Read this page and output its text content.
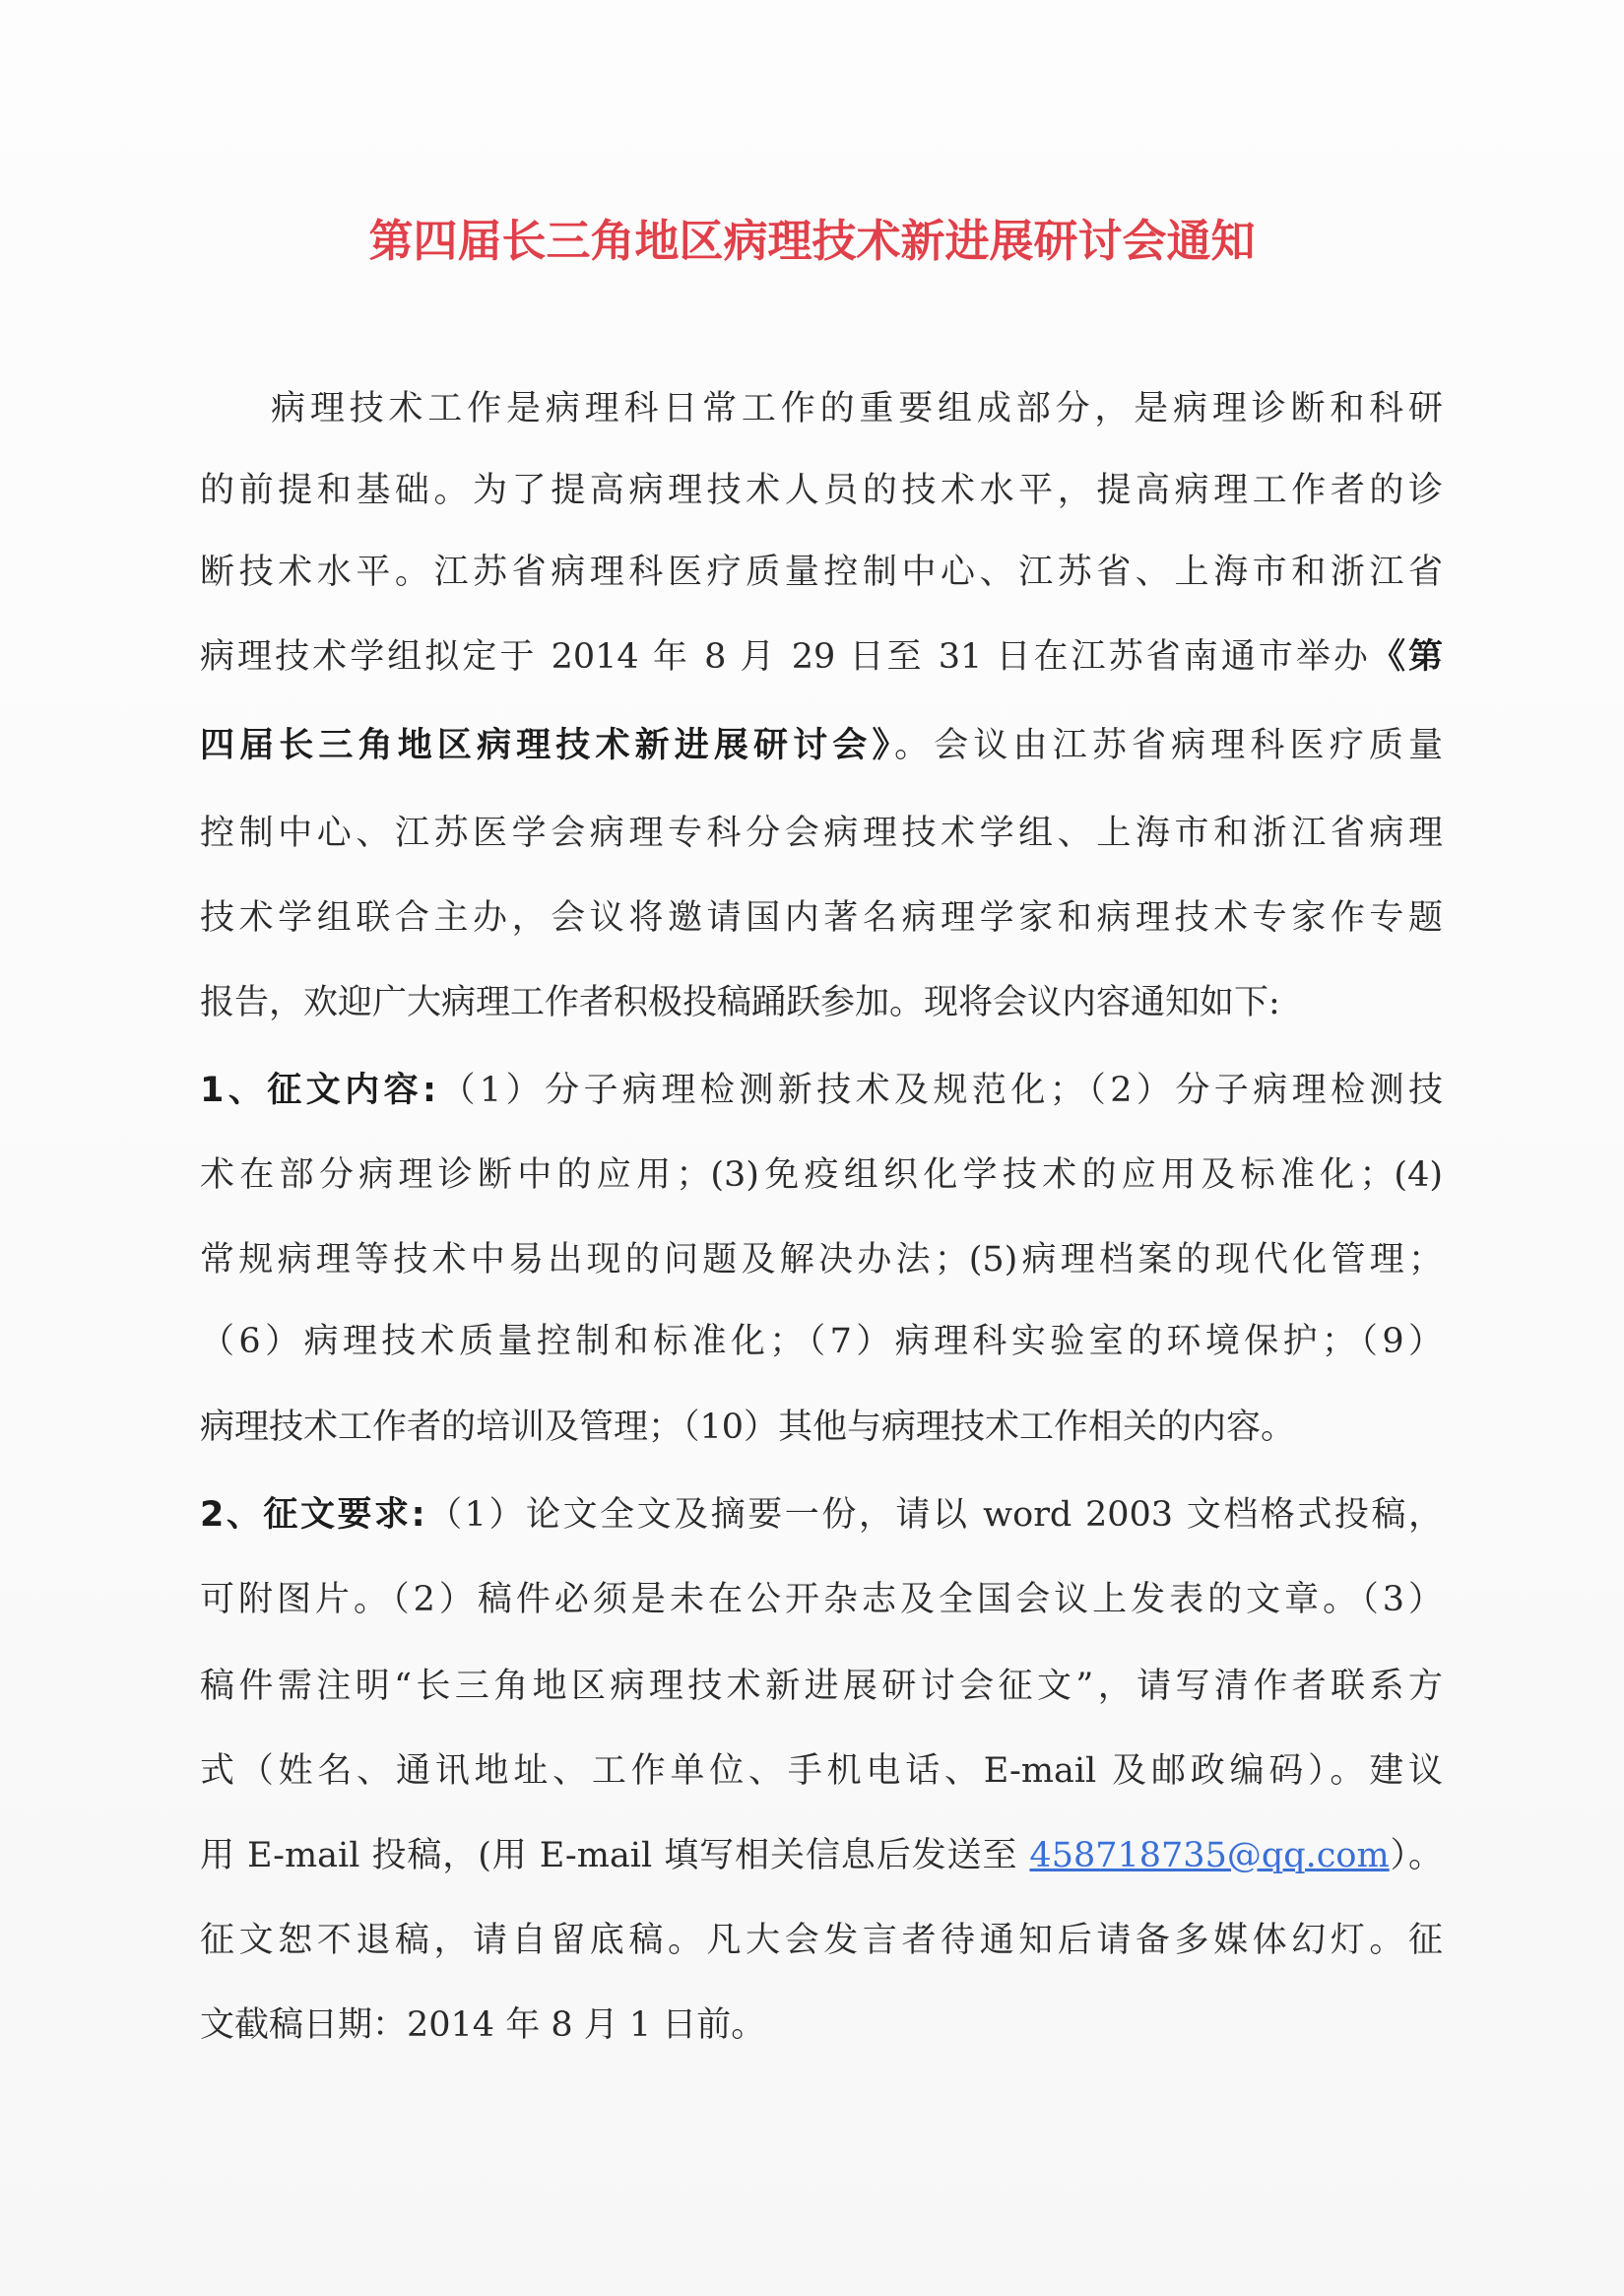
第四届长三角地区病理技术新进展研讨会通知
病理技术工作是病理科日常工作的重要组成部分，是病理诊断和科研
的前提和基础。为了提高病理技术人员的技术水平，提高病理工作者的诊
断技术水平。江苏省病理科医疗质量控制中心、江苏省、上海市和浙江省
病理技术学组拟定于 2014 年 8 月 29 日至 31 日在江苏省南通市举办《第
四届长三角地区病理技术新进展研讨会》。会议由江苏省病理科医疗质量
控制中心、江苏医学会病理专科分会病理技术学组、上海市和浙江省病理
技术学组联合主办，会议将邀请国内著名病理学家和病理技术专家作专题
报告，欢迎广大病理工作者积极投稿踊跃参加。现将会议内容通知如下:
1、征文内容:（1）分子病理检测新技术及规范化；（2）分子病理检测技
术在部分病理诊断中的应用；(3)免疫组织化学技术的应用及标准化；(4)
常规病理等技术中易出现的问题及解决办法；(5)病理档案的现代化管理；
（6）病理技术质量控制和标准化；（7）病理科实验室的环境保护；（9）
病理技术工作者的培训及管理；（10）其他与病理技术工作相关的内容。
2、征文要求:（1）论文全文及摘要一份，请以 word 2003 文档格式投稿，
可附图片。（2）稿件必须是未在公开杂志及全国会议上发表的文章。（3）
稿件需注明“长三角地区病理技术新进展研讨会征文”，请写清作者联系方
式（姓名、通讯地址、工作单位、手机电话、E-mail 及邮政编码）。建议
用 E-mail 投稿，(用 E-mail 填写相关信息后发送至 458718735@qq.com）。
征文恕不退稿，请自留底稿。凡大会发言者待通知后请备多媒体幻灯。征
文截稿日期：2014 年 8 月 1 日前。
